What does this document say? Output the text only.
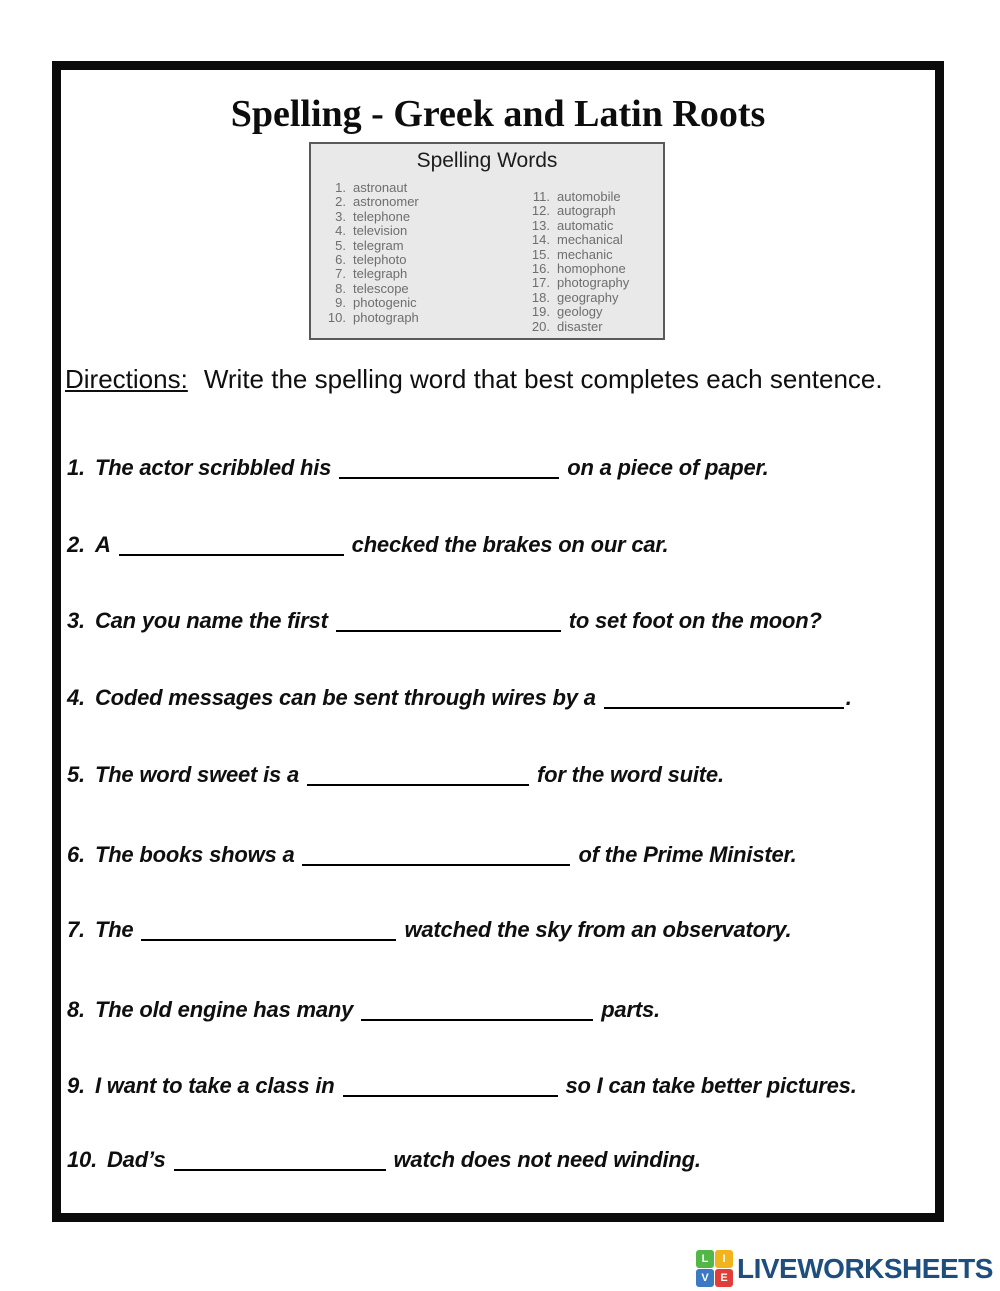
Spelling - Greek and Latin Roots
Spelling Words
1. astronaut
2. astronomer
3. telephone
4. television
5. telegram
6. telephoto
7. telegraph
8. telescope
9. photogenic
10. photograph
11. automobile
12. autograph
13. automatic
14. mechanical
15. mechanic
16. homophone
17. photography
18. geography
19. geology
20. disaster
Directions: Write the spelling word that best completes each sentence.
1. The actor scribbled his	on a piece of paper.
2. A	checked the brakes on our car.
3. Can you name the first	to set foot on the moon?
4. Coded messages can be sent through wires by a	.
5. The word sweet is a	for the word suite.
6. The books shows a	of the Prime Minister.
7. The	watched the sky from an observatory.
8. The old engine has many	parts.
9. I want to take a class in	so I can take better pictures.
10. Dad’s	watch does not need winding.
L	I
V	E LIVEWORKSHEETS
